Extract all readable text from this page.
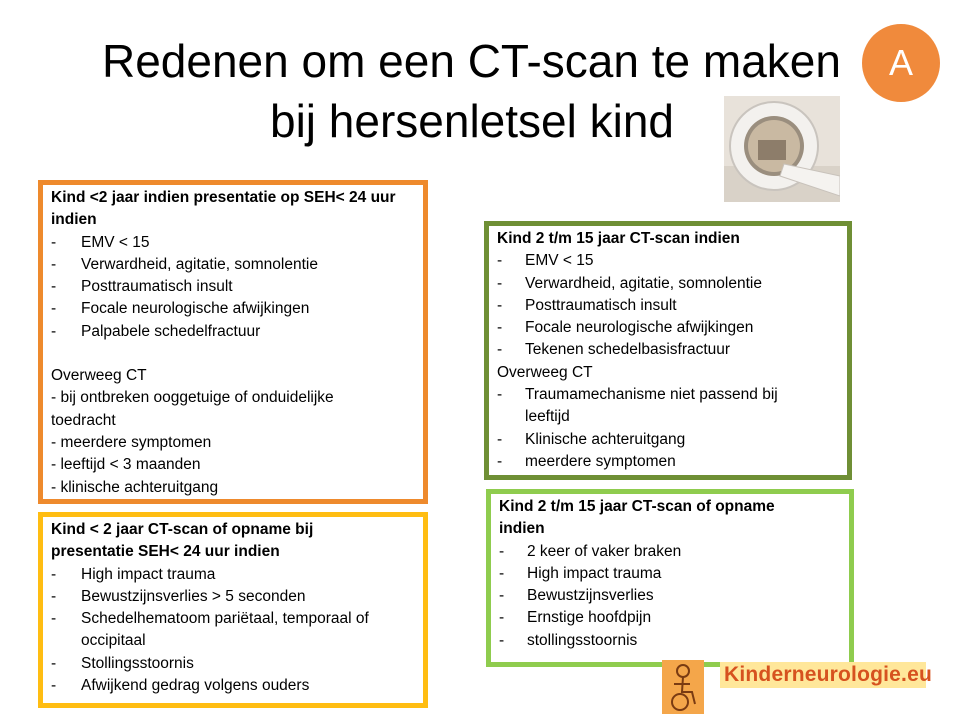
Redenen om een CT-scan te maken
bij hersenletsel kind
A
Kind <2 jaar indien presentatie op SEH< 24 uur
indien
-	EMV < 15
-	Verwardheid, agitatie, somnolentie
-	Posttraumatisch insult
-	Focale neurologische afwijkingen
-	Palpabele schedelfractuur
Overweeg CT
- bij ontbreken ooggetuige of onduidelijke
toedracht
- meerdere symptomen
- leeftijd < 3 maanden
- klinische achteruitgang
Kind < 2 jaar CT-scan of opname bij
presentatie SEH< 24 uur indien
-	High impact trauma
-	Bewustzijnsverlies > 5 seconden
-	Schedelhematoom pariëtaal, temporaal of
occipitaal
-	Stollingsstoornis
-	Afwijkend gedrag volgens ouders
Kind 2 t/m 15 jaar CT-scan indien
-	EMV < 15
-	Verwardheid, agitatie, somnolentie
-	Posttraumatisch insult
-	Focale neurologische afwijkingen
-	Tekenen schedelbasisfractuur
Overweeg CT
-	Traumamechanisme niet passend bij
leeftijd
-	Klinische achteruitgang
-	meerdere symptomen
Kind 2 t/m 15 jaar CT-scan of opname
indien
-	2 keer of vaker braken
-	High impact trauma
-	Bewustzijnsverlies
-	Ernstige hoofdpijn
-	stollingsstoornis
Kinderneurologie.eu
